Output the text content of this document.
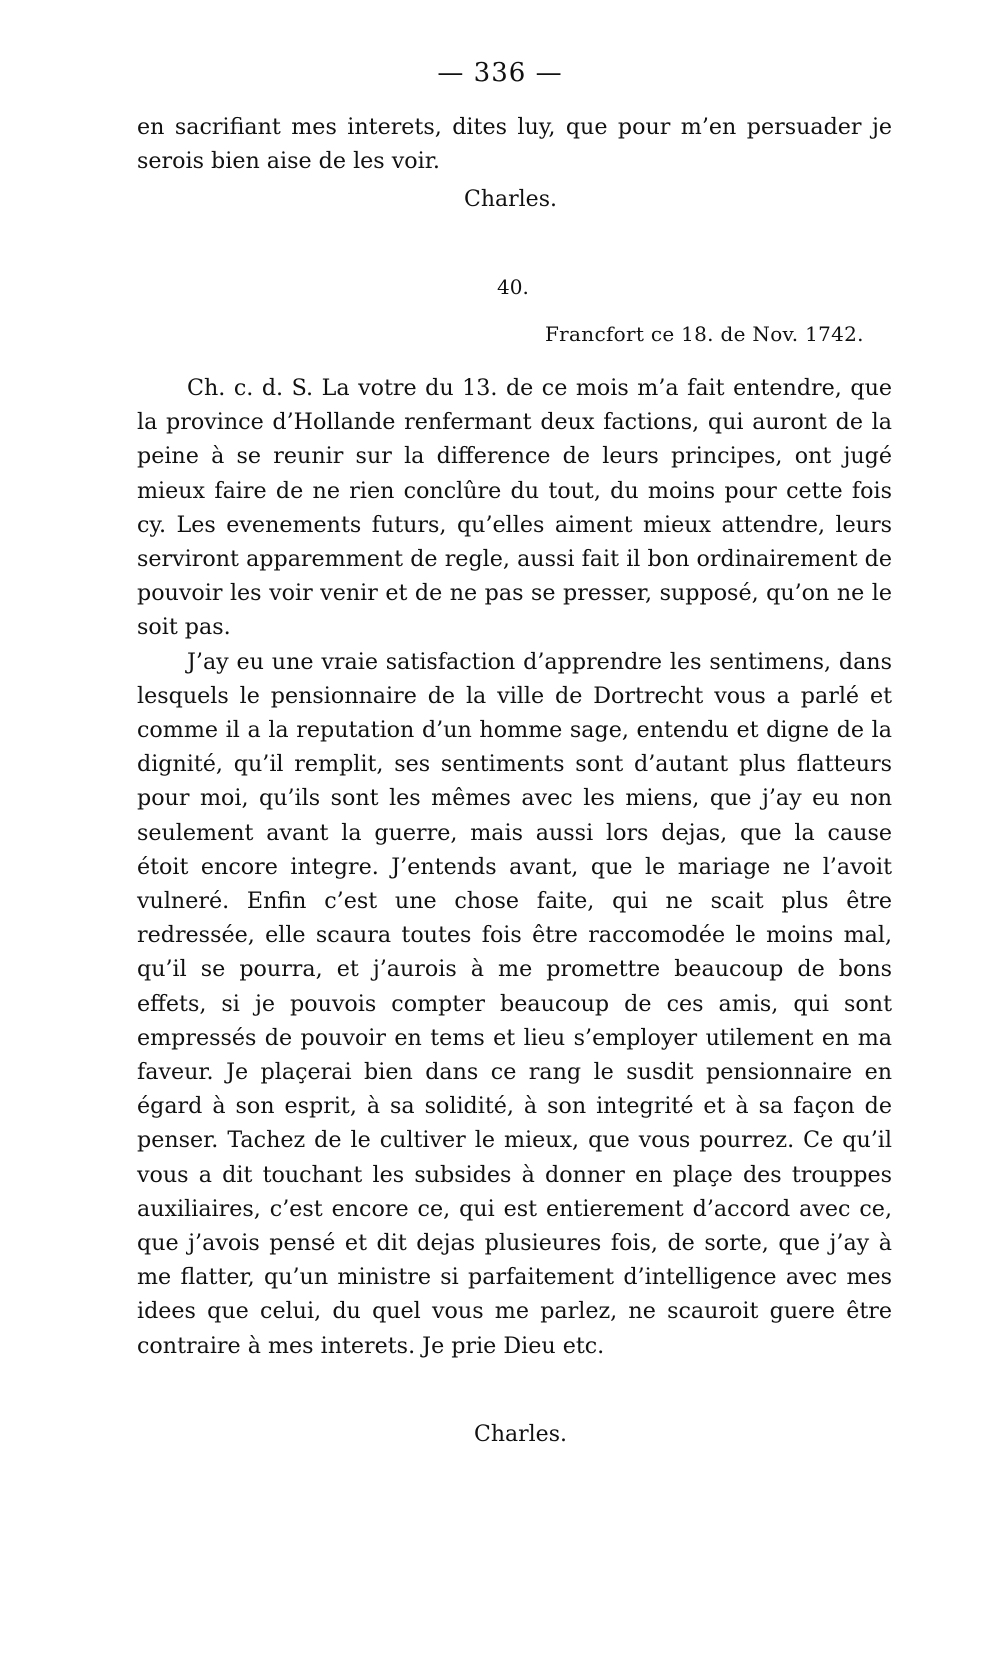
— 336 —

en sacrifiant mes interets, dites luy, que pour m’en persuader je serois bien aise de les voir.

Charles.
40.
Francfort ce 18. de Nov. 1742.

Ch. c. d. S. La votre du 13. de ce mois m’a fait entendre, que la province d’Hollande renfermant deux factions, qui auront de la peine à se reunir sur la difference de leurs principes, ont jugé mieux faire de ne rien conclûre du tout, du moins pour cette fois cy. Les evenements futurs, qu’elles aiment mieux attendre, leurs serviront apparemment de regle, aussi fait il bon ordinairement de pouvoir les voir venir et de ne pas se presser, supposé, qu’on ne le soit pas.

J’ay eu une vraie satisfaction d’apprendre les sentimens, dans lesquels le pensionnaire de la ville de Dortrecht vous a parlé et comme il a la reputation d’un homme sage, entendu et digne de la dignité, qu’il remplit, ses sentiments sont d’autant plus flatteurs pour moi, qu’ils sont les mêmes avec les miens, que j’ay eu non seulement avant la guerre, mais aussi lors dejas, que la cause étoit encore integre. J’entends avant, que le mariage ne l’avoit vulneré. Enfin c’est une chose faite, qui ne scait plus être redressée, elle scaura toutes fois être raccomodée le moins mal, qu’il se pourra, et j’aurois à me promettre beaucoup de bons effets, si je pouvois compter beaucoup de ces amis, qui sont empressés de pouvoir en tems et lieu s’employer utilement en ma faveur. Je plaçerai bien dans ce rang le susdit pensionnaire en égard à son esprit, à sa solidité, à son integrité et à sa façon de penser. Tachez de le cultiver le mieux, que vous pourrez. Ce qu’il vous a dit touchant les subsides à donner en plaçe des trouppes auxiliaires, c’est encore ce, qui est entierement d’accord avec ce, que j’avois pensé et dit dejas plusieures fois, de sorte, que j’ay à me flatter, qu’un ministre si parfaitement d’intelligence avec mes idees que celui, du quel vous me parlez, ne scauroit guere être contraire à mes interets. Je prie Dieu etc.

Charles.
